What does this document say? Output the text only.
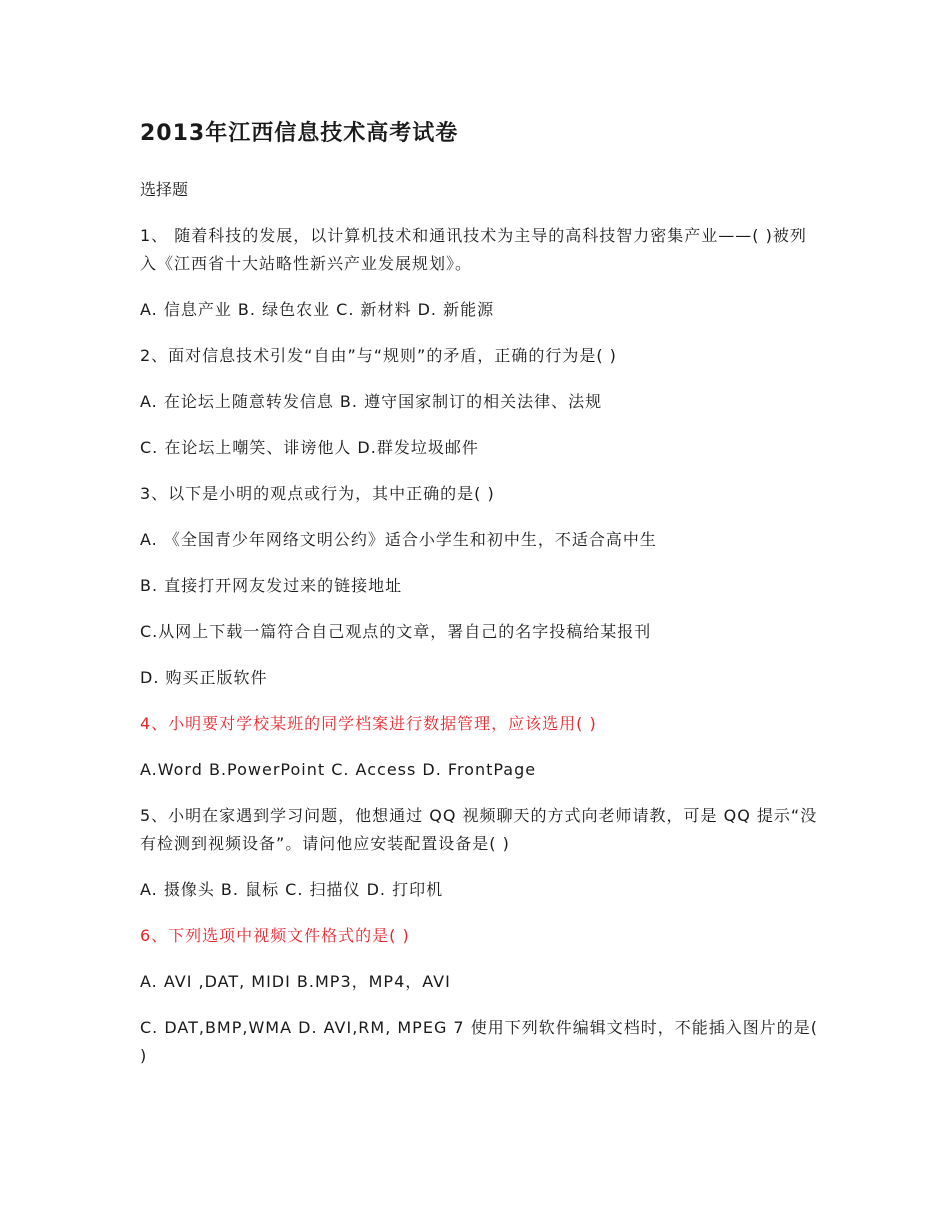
2013年江西信息技术高考试卷
选择题
1、 随着科技的发展，以计算机技术和通讯技术为主导的高科技智力密集产业——( )被列入《江西省十大站略性新兴产业发展规划》。
A. 信息产业 B. 绿色农业 C. 新材料 D. 新能源
2、面对信息技术引发“自由”与“规则”的矛盾，正确的行为是( )
A. 在论坛上随意转发信息 B. 遵守国家制订的相关法律、法规
C. 在论坛上嘲笑、诽谤他人 D.群发垃圾邮件
3、以下是小明的观点或行为，其中正确的是( )
A. 《全国青少年网络文明公约》适合小学生和初中生，不适合高中生
B. 直接打开网友发过来的链接地址
C.从网上下载一篇符合自己观点的文章，署自己的名字投稿给某报刊
D. 购买正版软件
4、小明要对学校某班的同学档案进行数据管理，应该选用( )
A.Word B.PowerPoint C. Access D. FrontPage
5、小明在家遇到学习问题，他想通过 QQ 视频聊天的方式向老师请教，可是 QQ 提示“没有检测到视频设备”。请问他应安装配置设备是( )
A. 摄像头 B. 鼠标 C. 扫描仪 D. 打印机
6、下列选项中视频文件格式的是( )
A. AVI ,DAT, MIDI B.MP3，MP4，AVI
C. DAT,BMP,WMA D. AVI,RM, MPEG 7 使用下列软件编辑文档时，不能插入图片的是( )
